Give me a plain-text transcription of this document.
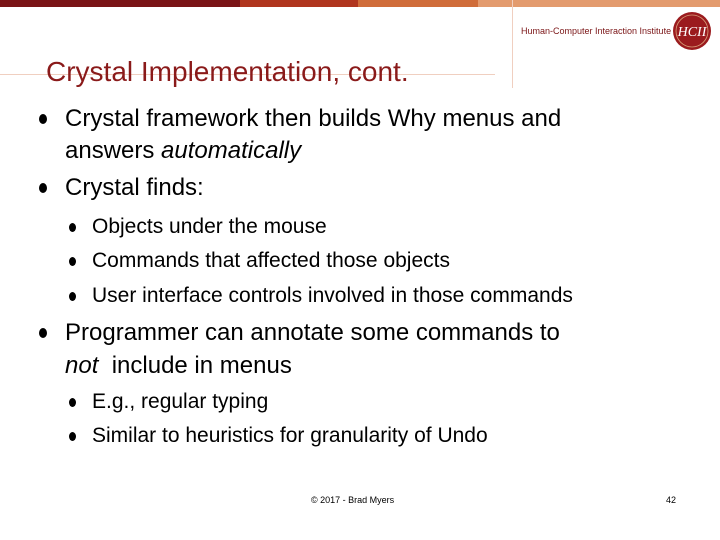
Human-Computer Interaction Institute HCII
Crystal Implementation, cont.
Crystal framework then builds Why menus and
answers automatically
Crystal finds:
Objects under the mouse
Commands that affected those objects
User interface controls involved in those commands
Programmer can annotate some commands to
not  include in menus
E.g., regular typing
Similar to heuristics for granularity of Undo
© 2017 - Brad Myers	42
